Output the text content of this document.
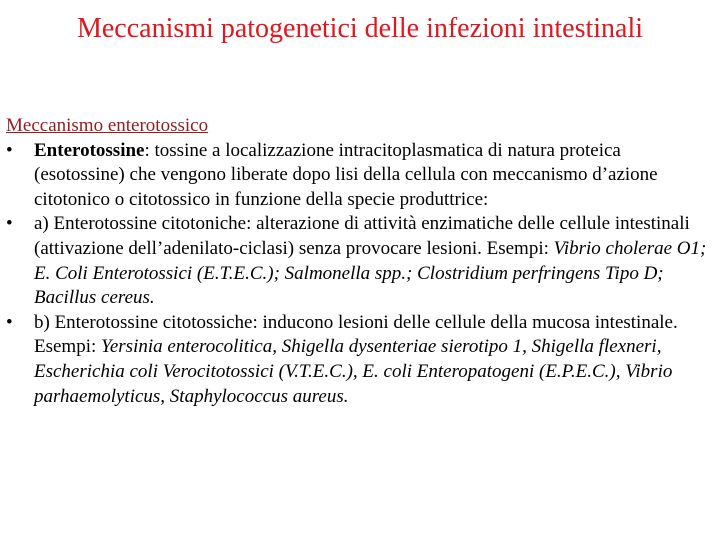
Meccanismi patogenetici delle infezioni intestinali
Meccanismo enterotossico
•	Enterotossine: tossine a localizzazione intracitoplasmatica di natura proteica (esotossine) che vengono liberate dopo lisi della cellula con meccanismo d’azione citotonico o citotossico in funzione della specie produttrice:
•	a) Enterotossine citotoniche: alterazione di attività enzimatiche delle cellule intestinali (attivazione dell’adenilato-ciclasi) senza provocare lesioni. Esempi: Vibrio cholerae O1; E. Coli Enterotossici (E.T.E.C.); Salmonella spp.; Clostridium perfringens Tipo D; Bacillus cereus.
•	b) Enterotossine citotossiche: inducono lesioni delle cellule della mucosa intestinale. Esempi: Yersinia enterocolitica, Shigella dysenteriae sierotipo 1, Shigella flexneri, Escherichia coli Verocitotossici (V.T.E.C.), E. coli Enteropatogeni (E.P.E.C.), Vibrio parhaemolyticus, Staphylococcus aureus.
